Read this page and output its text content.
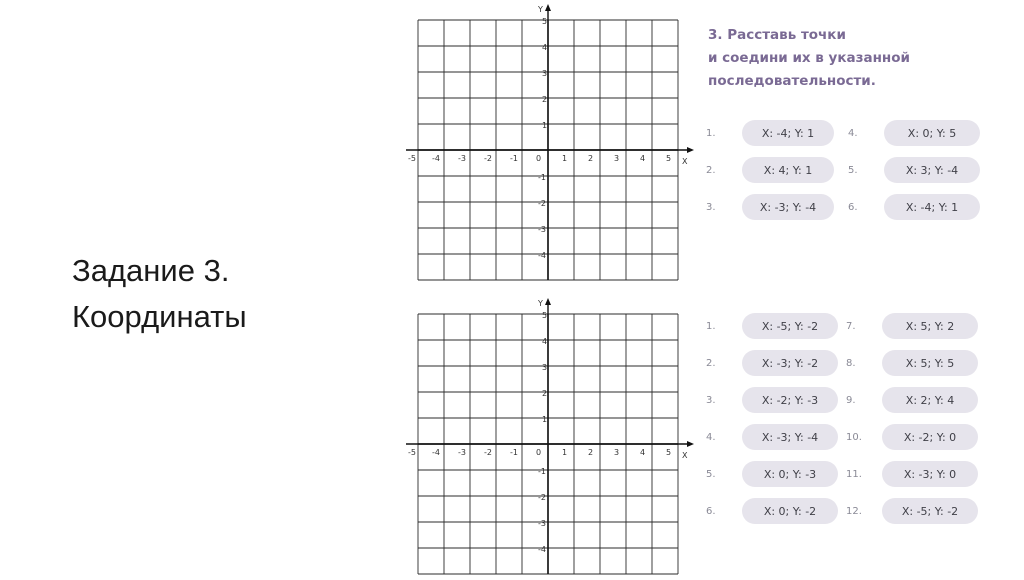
Задание 3.
Координаты
Y
X
-5 -4 -3 -2 -1 0	1	2	3	4	5
5
4
3
2
1
-1
-2
-3
-4
Y
X
-5 -4 -3 -2 -1 0	1	2	3	4	5
5
4
3
2
1
-1
-2
-3
-4
3. Расставь точки
и соедини их в указанной
последовательности.
1.	X: -4; Y: 1
2.	X: 4; Y: 1
3.	X: -3; Y: -4
4.	X: 0; Y: 5
5.	X: 3; Y: -4
6.	X: -4; Y: 1
1.	X: -5; Y: -2
2.	X: -3; Y: -2
3.	X: -2; Y: -3
4.	X: -3; Y: -4
5.	X: 0; Y: -3
6.	X: 0; Y: -2
7.	X: 5; Y: 2
8.	X: 5; Y: 5
9.	X: 2; Y: 4
10.	X: -2; Y: 0
11.	X: -3; Y: 0
12.	X: -5; Y: -2
